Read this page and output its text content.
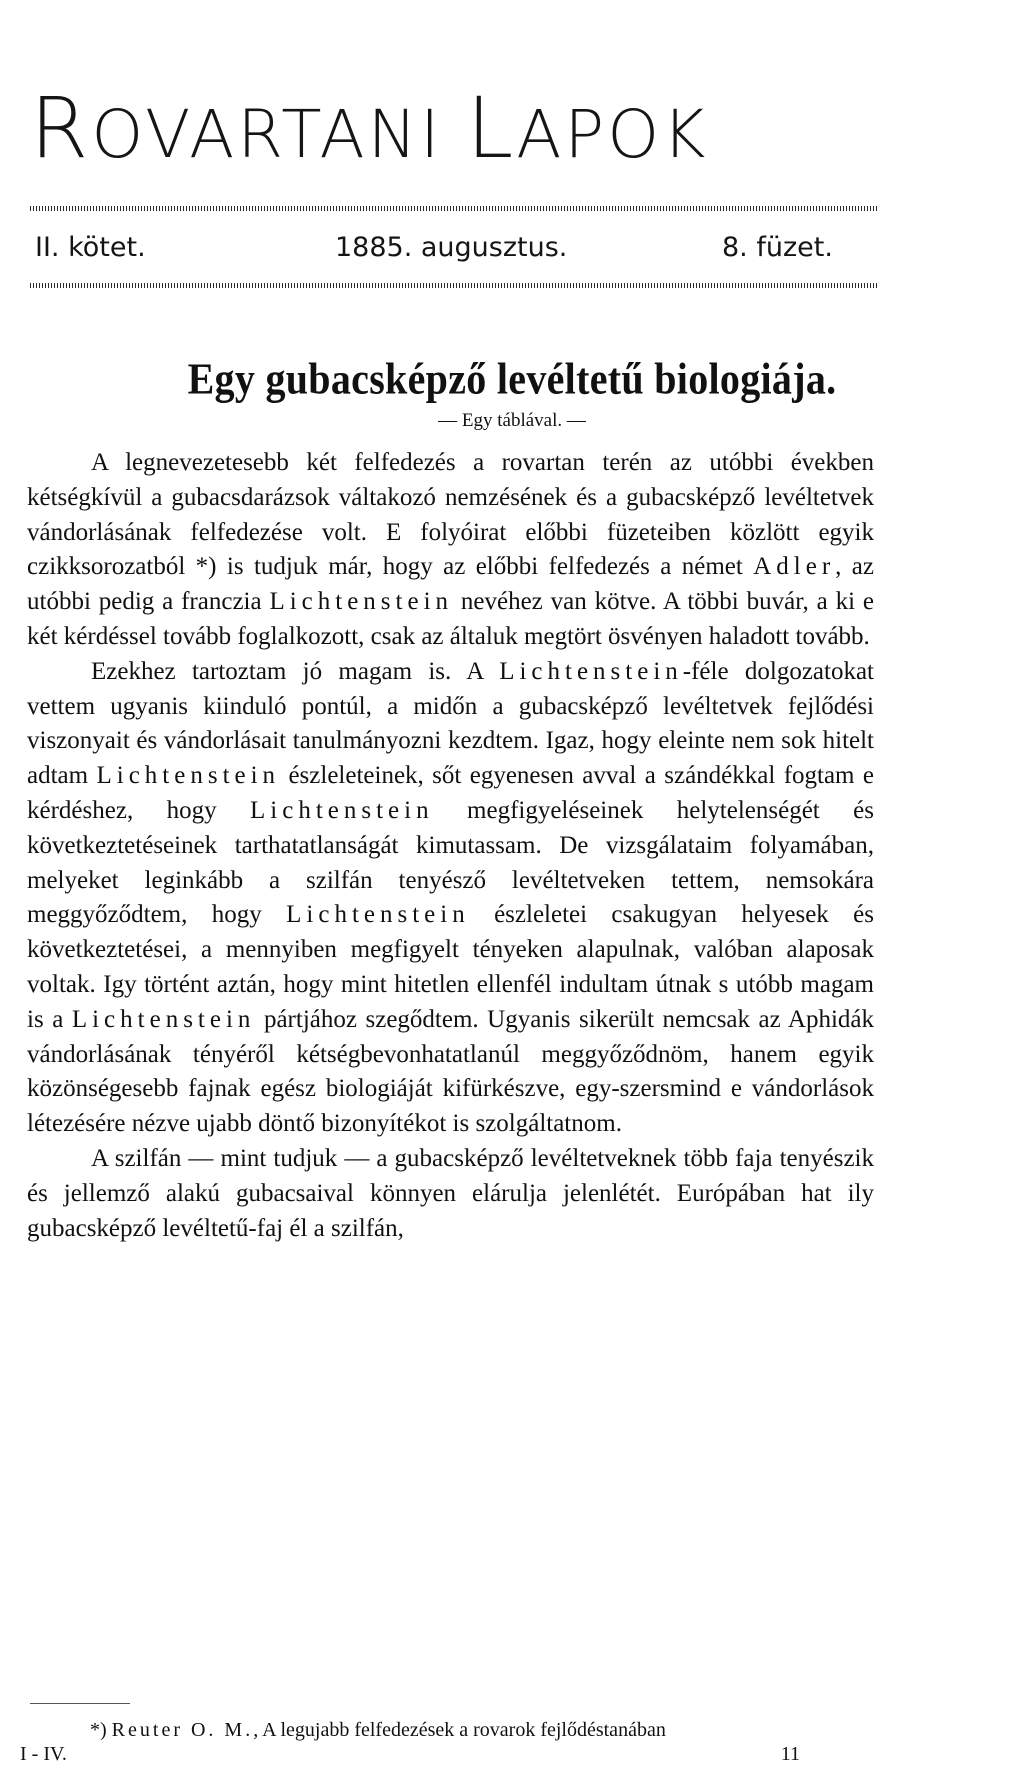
ROVARTANI LAPOK
II. kötet.	1885. augusztus.	8. füzet.
Egy gubacsképző levéltetű biologiája.
— Egy táblával. —

A legnevezetesebb két felfedezés a rovartan terén az utóbbi években kétségkívül a gubacsdarázsok váltakozó nemzésének és a gubacsképző levéltetvek vándorlásának felfedezése volt. E folyóirat előbbi füzeteiben közlött egyik czikksorozatból *) is tudjuk már, hogy az előbbi felfedezés a német Adler, az utóbbi pedig a franczia Lichtenstein nevéhez van kötve. A többi buvár, a ki e két kérdéssel tovább foglalkozott, csak az általuk megtört ösvényen haladott tovább.

Ezekhez tartoztam jó magam is. A Lichtenstein-féle dolgozatokat vettem ugyanis kiinduló pontúl, a midőn a gubacsképző levéltetvek fejlődési viszonyait és vándorlásait tanulmányozni kezdtem. Igaz, hogy eleinte nem sok hitelt adtam Lichtenstein észleleteinek, sőt egyenesen avval a szándékkal fogtam e kérdéshez, hogy Lichtenstein megfigyeléseinek helytelenségét és következtetéseinek tarthatatlanságát kimutassam. De vizsgálataim folyamában, melyeket leginkább a szilfán tenyésző levéltetveken tettem, nemsokára meggyőződtem, hogy Lichtenstein észleletei csakugyan helyesek és következtetései, a mennyiben megfigyelt tényeken alapulnak, valóban alaposak voltak. Igy történt aztán, hogy mint hitetlen ellenfél indultam útnak s utóbb magam is a Lichtenstein pártjához szegődtem. Ugyanis sikerült nemcsak az Aphidák vándorlásának tényéről kétségbevonhatatlanúl meggyőződnöm, hanem egyik közönségesebb fajnak egész biologiáját kifürkészve, egy-szersmind e vándorlások létezésére nézve ujabb döntő bizonyítékot is szolgáltatnom.

A szilfán — mint tudjuk — a gubacsképző levéltetveknek több faja tenyészik és jellemző alakú gubacsaival könnyen elárulja jelenlétét. Európában hat ily gubacsképző levéltetű-faj él a szilfán,

*) Reuter O. M., A legujabb felfedezések a rovarok fejlődéstanában
I - IV.	11
